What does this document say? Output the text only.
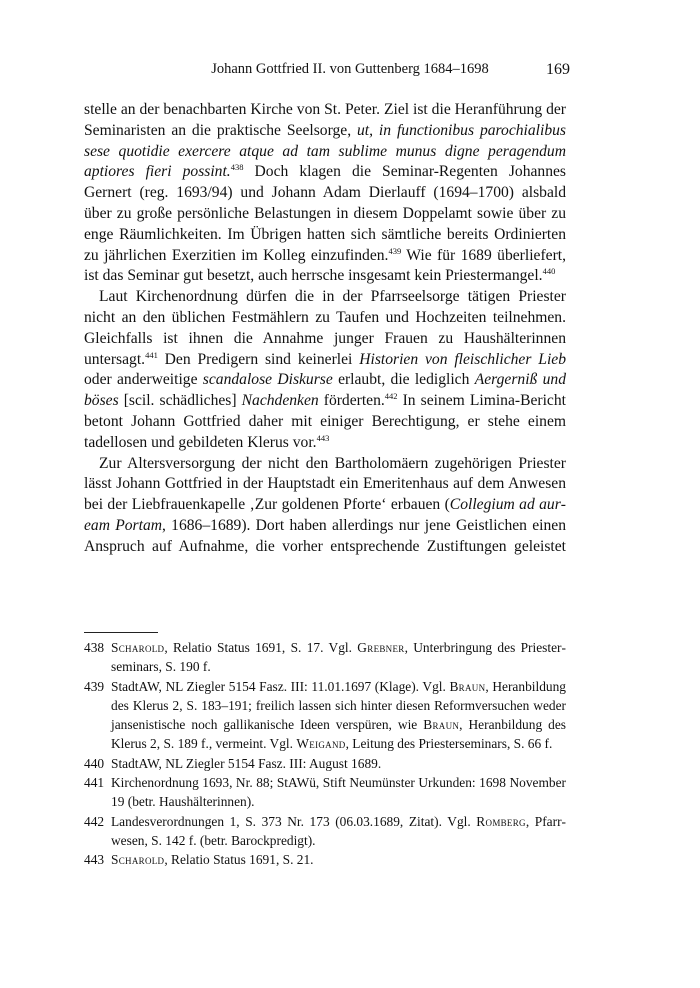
Johann Gottfried II. von Guttenberg 1684–1698	169

stelle an der benachbarten Kirche von St. Peter. Ziel ist die Heranführung der Seminaristen an die praktische Seelsorge, ut, in functionibus parochialibus sese quotidie exercere atque ad tam sublime munus digne peragendum aptiores fieri possint.$^{438}$ Doch klagen die Seminar-Regenten Johannes Gernert (reg. 1693/94) und Johann Adam Dierlauff (1694–1700) alsbald über zu große persönliche Belastungen in diesem Doppelamt sowie über zu enge Räumlichkeiten. Im Übrigen hatten sich sämtliche bereits Ordinierten zu jährlichen Exerzitien im Kolleg einzufinden.$^{439}$ Wie für 1689 überliefert, ist das Seminar gut besetzt, auch herrsche insgesamt kein Priestermangel.$^{440}$

Laut Kirchenordnung dürfen die in der Pfarrseelsorge tätigen Priester nicht an den üblichen Festmählern zu Taufen und Hochzeiten teilnehmen. Gleichfalls ist ihnen die Annahme junger Frauen zu Haushälterinnen untersagt.$^{441}$ Den Predigern sind keinerlei Historien von fleischlicher Lieb oder anderweitige scandalose Diskurse erlaubt, die lediglich Aergerniß und böses [scil. schädliches] Nachdenken förderten.$^{442}$ In seinem Limina-Bericht betont Johann Gottfried daher mit einiger Berechtigung, er stehe einem tadellosen und gebildeten Klerus vor.$^{443}$

Zur Altersversorgung der nicht den Bartholomäern zugehörigen Priester lässt Johann Gottfried in der Hauptstadt ein Emeritenhaus auf dem Anwesen bei der Liebfrauenkapelle ‚Zur goldenen Pforte‘ erbauen (Collegium ad auream Portam, 1686–1689). Dort haben allerdings nur jene Geistlichen einen Anspruch auf Aufnahme, die vorher entsprechende Zustiftungen geleistet

438 Scharold, Relatio Status 1691, S. 17. Vgl. Grebner, Unterbringung des Priesterseminars, S. 190 f.
439 StadtAW, NL Ziegler 5154 Fasz. III: 11.01.1697 (Klage). Vgl. Braun, Heranbildung des Klerus 2, S. 183–191; freilich lassen sich hinter diesen Reformversuchen weder jansenistische noch gallikanische Ideen verspüren, wie Braun, Heranbildung des Klerus 2, S. 189 f., vermeint. Vgl. Weigand, Leitung des Priesterseminars, S. 66 f.
440 StadtAW, NL Ziegler 5154 Fasz. III: August 1689.
441 Kirchenordnung 1693, Nr. 88; StAWü, Stift Neumünster Urkunden: 1698 November 19 (betr. Haushälterinnen).
442 Landesverordnungen 1, S. 373 Nr. 173 (06.03.1689, Zitat). Vgl. Romberg, Pfarrwesen, S. 142 f. (betr. Barockpredigt).
443 Scharold, Relatio Status 1691, S. 21.
